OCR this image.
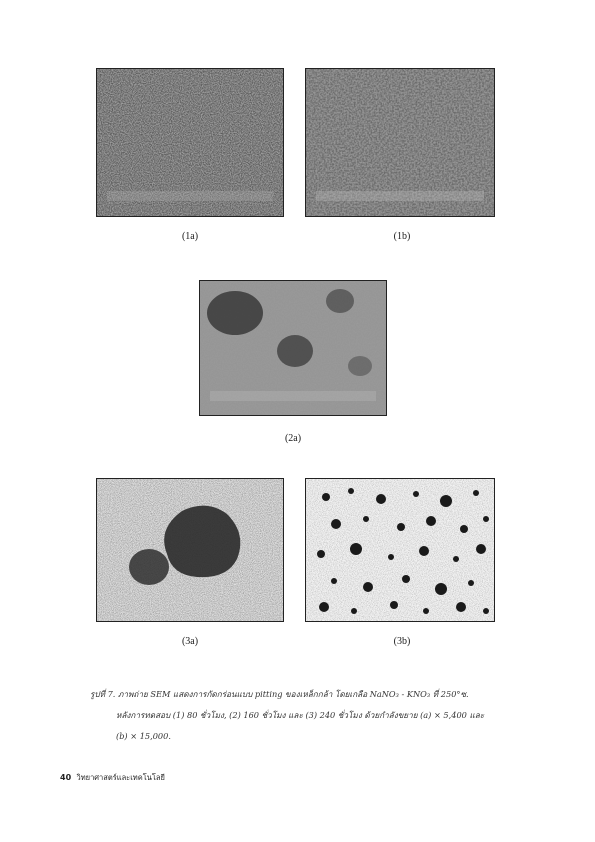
(1a)	(1b)
(2a)
(3a)	(3b)
รูปที่ 7. ภาพถ่าย SEM แสดงการกัดกร่อนแบบ pitting ของเหล็กกล้า โดยเกลือ NaNO₃ - KNO₃ ที่ 250°ซ.
หลังการทดสอบ (1) 80 ชั่วโมง, (2) 160 ชั่วโมง และ (3) 240 ชั่วโมง ด้วยกำลังขยาย (a) × 5,400 และ
(b) × 15,000.
40 วิทยาศาสตร์และเทคโนโลยี
